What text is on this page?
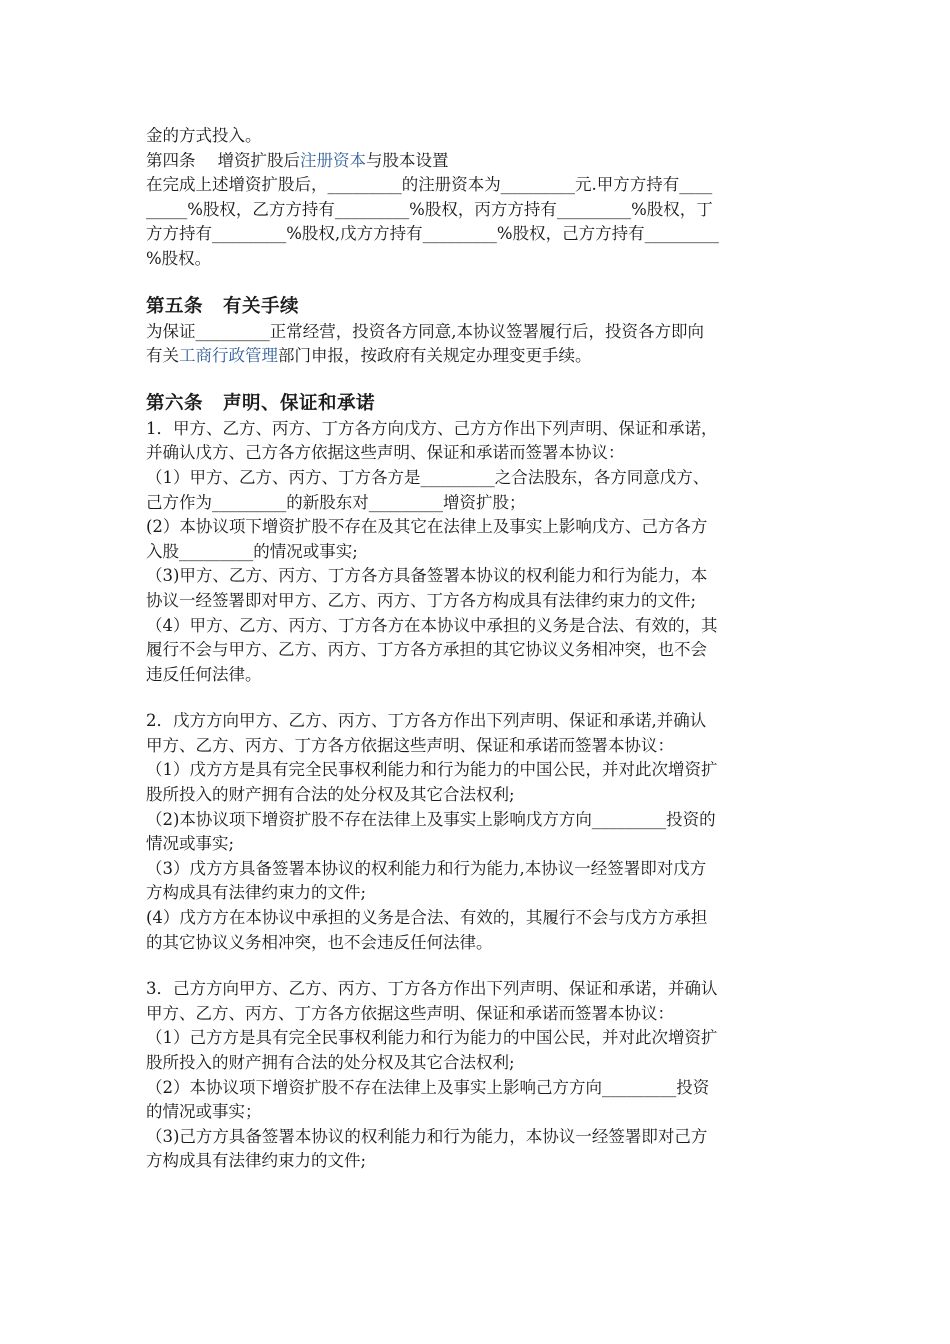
金的方式投入。

第四条 增资扩股后注册资本与股本设置

在完成上述增资扩股后，_________的注册资本为_________元.甲方方持有____

_____%股权，乙方方持有_________%股权，丙方方持有_________%股权，丁

方方持有_________%股权,戊方方持有_________%股权，己方方持有_________

%股权。

第五条 有关手续

为保证_________正常经营，投资各方同意,本协议签署履行后，投资各方即向

有关工商行政管理部门申报，按政府有关规定办理变更手续。

第六条 声明、保证和承诺

1．甲方、乙方、丙方、丁方各方向戊方、己方方作出下列声明、保证和承诺，

并确认戊方、己方各方依据这些声明、保证和承诺而签署本协议：

（1）甲方、乙方、丙方、丁方各方是_________之合法股东，各方同意戊方、

己方作为_________的新股东对_________增资扩股；

(2）本协议项下增资扩股不存在及其它在法律上及事实上影响戊方、己方各方

入股_________的情况或事实;

（3)甲方、乙方、丙方、丁方各方具备签署本协议的权利能力和行为能力，本

协议一经签署即对甲方、乙方、丙方、丁方各方构成具有法律约束力的文件;

（4）甲方、乙方、丙方、丁方各方在本协议中承担的义务是合法、有效的，其

履行不会与甲方、乙方、丙方、丁方各方承担的其它协议义务相冲突，也不会

违反任何法律。

2．戊方方向甲方、乙方、丙方、丁方各方作出下列声明、保证和承诺,并确认

甲方、乙方、丙方、丁方各方依据这些声明、保证和承诺而签署本协议：

（1）戊方方是具有完全民事权利能力和行为能力的中国公民，并对此次增资扩

股所投入的财产拥有合法的处分权及其它合法权利;

（2)本协议项下增资扩股不存在法律上及事实上影响戊方方向_________投资的

情况或事实;

（3）戊方方具备签署本协议的权利能力和行为能力,本协议一经签署即对戊方

方构成具有法律约束力的文件;

(4）戊方方在本协议中承担的义务是合法、有效的，其履行不会与戊方方承担

的其它协议义务相冲突，也不会违反任何法律。

3．己方方向甲方、乙方、丙方、丁方各方作出下列声明、保证和承诺，并确认

甲方、乙方、丙方、丁方各方依据这些声明、保证和承诺而签署本协议：

（1）己方方是具有完全民事权利能力和行为能力的中国公民，并对此次增资扩

股所投入的财产拥有合法的处分权及其它合法权利;

（2）本协议项下增资扩股不存在法律上及事实上影响己方方向_________投资

的情况或事实；

（3)己方方具备签署本协议的权利能力和行为能力，本协议一经签署即对己方

方构成具有法律约束力的文件;
